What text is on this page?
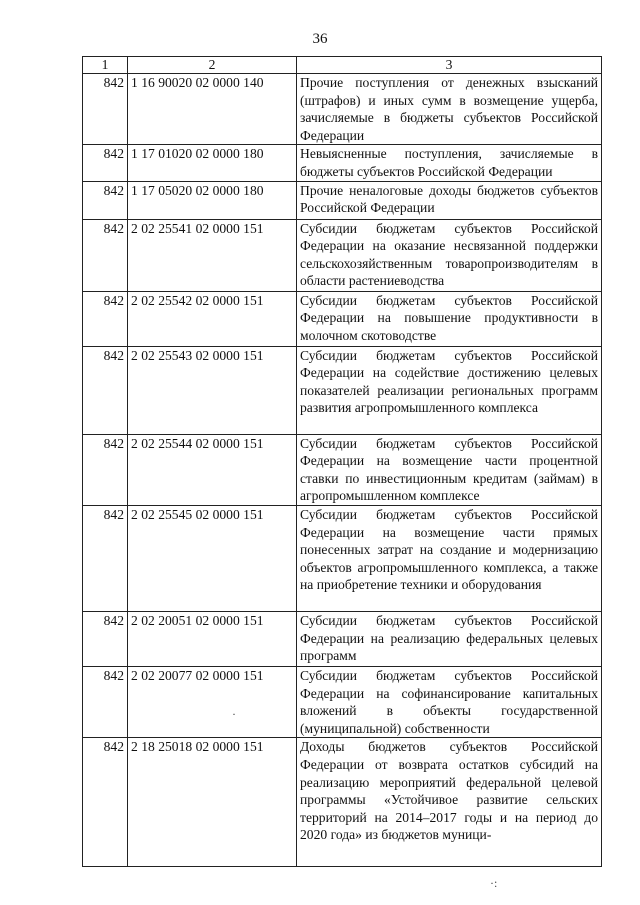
36
1	2	3
842	1 16 90020 02 0000 140	Прочие поступления от денежных взысканий (штрафов) и иных сумм в возмещение ущерба, зачисляемые в бюджеты субъектов Российской Федерации
842	1 17 01020 02 0000 180	Невыясненные поступления, зачисляемые в бюджеты субъектов Российской Федерации
842	1 17 05020 02 0000 180	Прочие неналоговые доходы бюджетов субъектов Российской Федерации
842	2 02 25541 02 0000 151	Субсидии бюджетам субъектов Российской Федерации на оказание несвязанной поддержки сельскохозяйственным товаропроизводителям в области растениеводства
842	2 02 25542 02 0000 151	Субсидии бюджетам субъектов Российской Федерации на повышение продуктивности в молочном скотоводстве
842	2 02 25543 02 0000 151	Субсидии бюджетам субъектов Российской Федерации на содействие достижению целевых показателей реализации региональных программ развития агропромышленного комплекса
842	2 02 25544 02 0000 151	Субсидии бюджетам субъектов Российской Федерации на возмещение части процентной ставки по инвестиционным кредитам (займам) в агропромышленном комплексе
842	2 02 25545 02 0000 151	Субсидии бюджетам субъектов Российской Федерации на возмещение части прямых понесенных затрат на создание и модернизацию объектов агропромышленного комплекса, а также на приобретение техники и оборудования
842	2 02 20051 02 0000 151	Субсидии бюджетам субъектов Российской Федерации на реализацию федеральных целевых программ
842	2 02 20077 02 0000 151	Субсидии бюджетам субъектов Российской Федерации на софинансирование капитальных вложений в объекты государственной (муниципальной) собственности
842	2 18 25018 02 0000 151	Доходы бюджетов субъектов Российской Федерации от возврата остатков субсидий на реализацию мероприятий федеральной целевой программы «Устойчивое развитие сельских территорий на 2014–2017 годы и на период до 2020 года» из бюджетов муници-
·
·:
